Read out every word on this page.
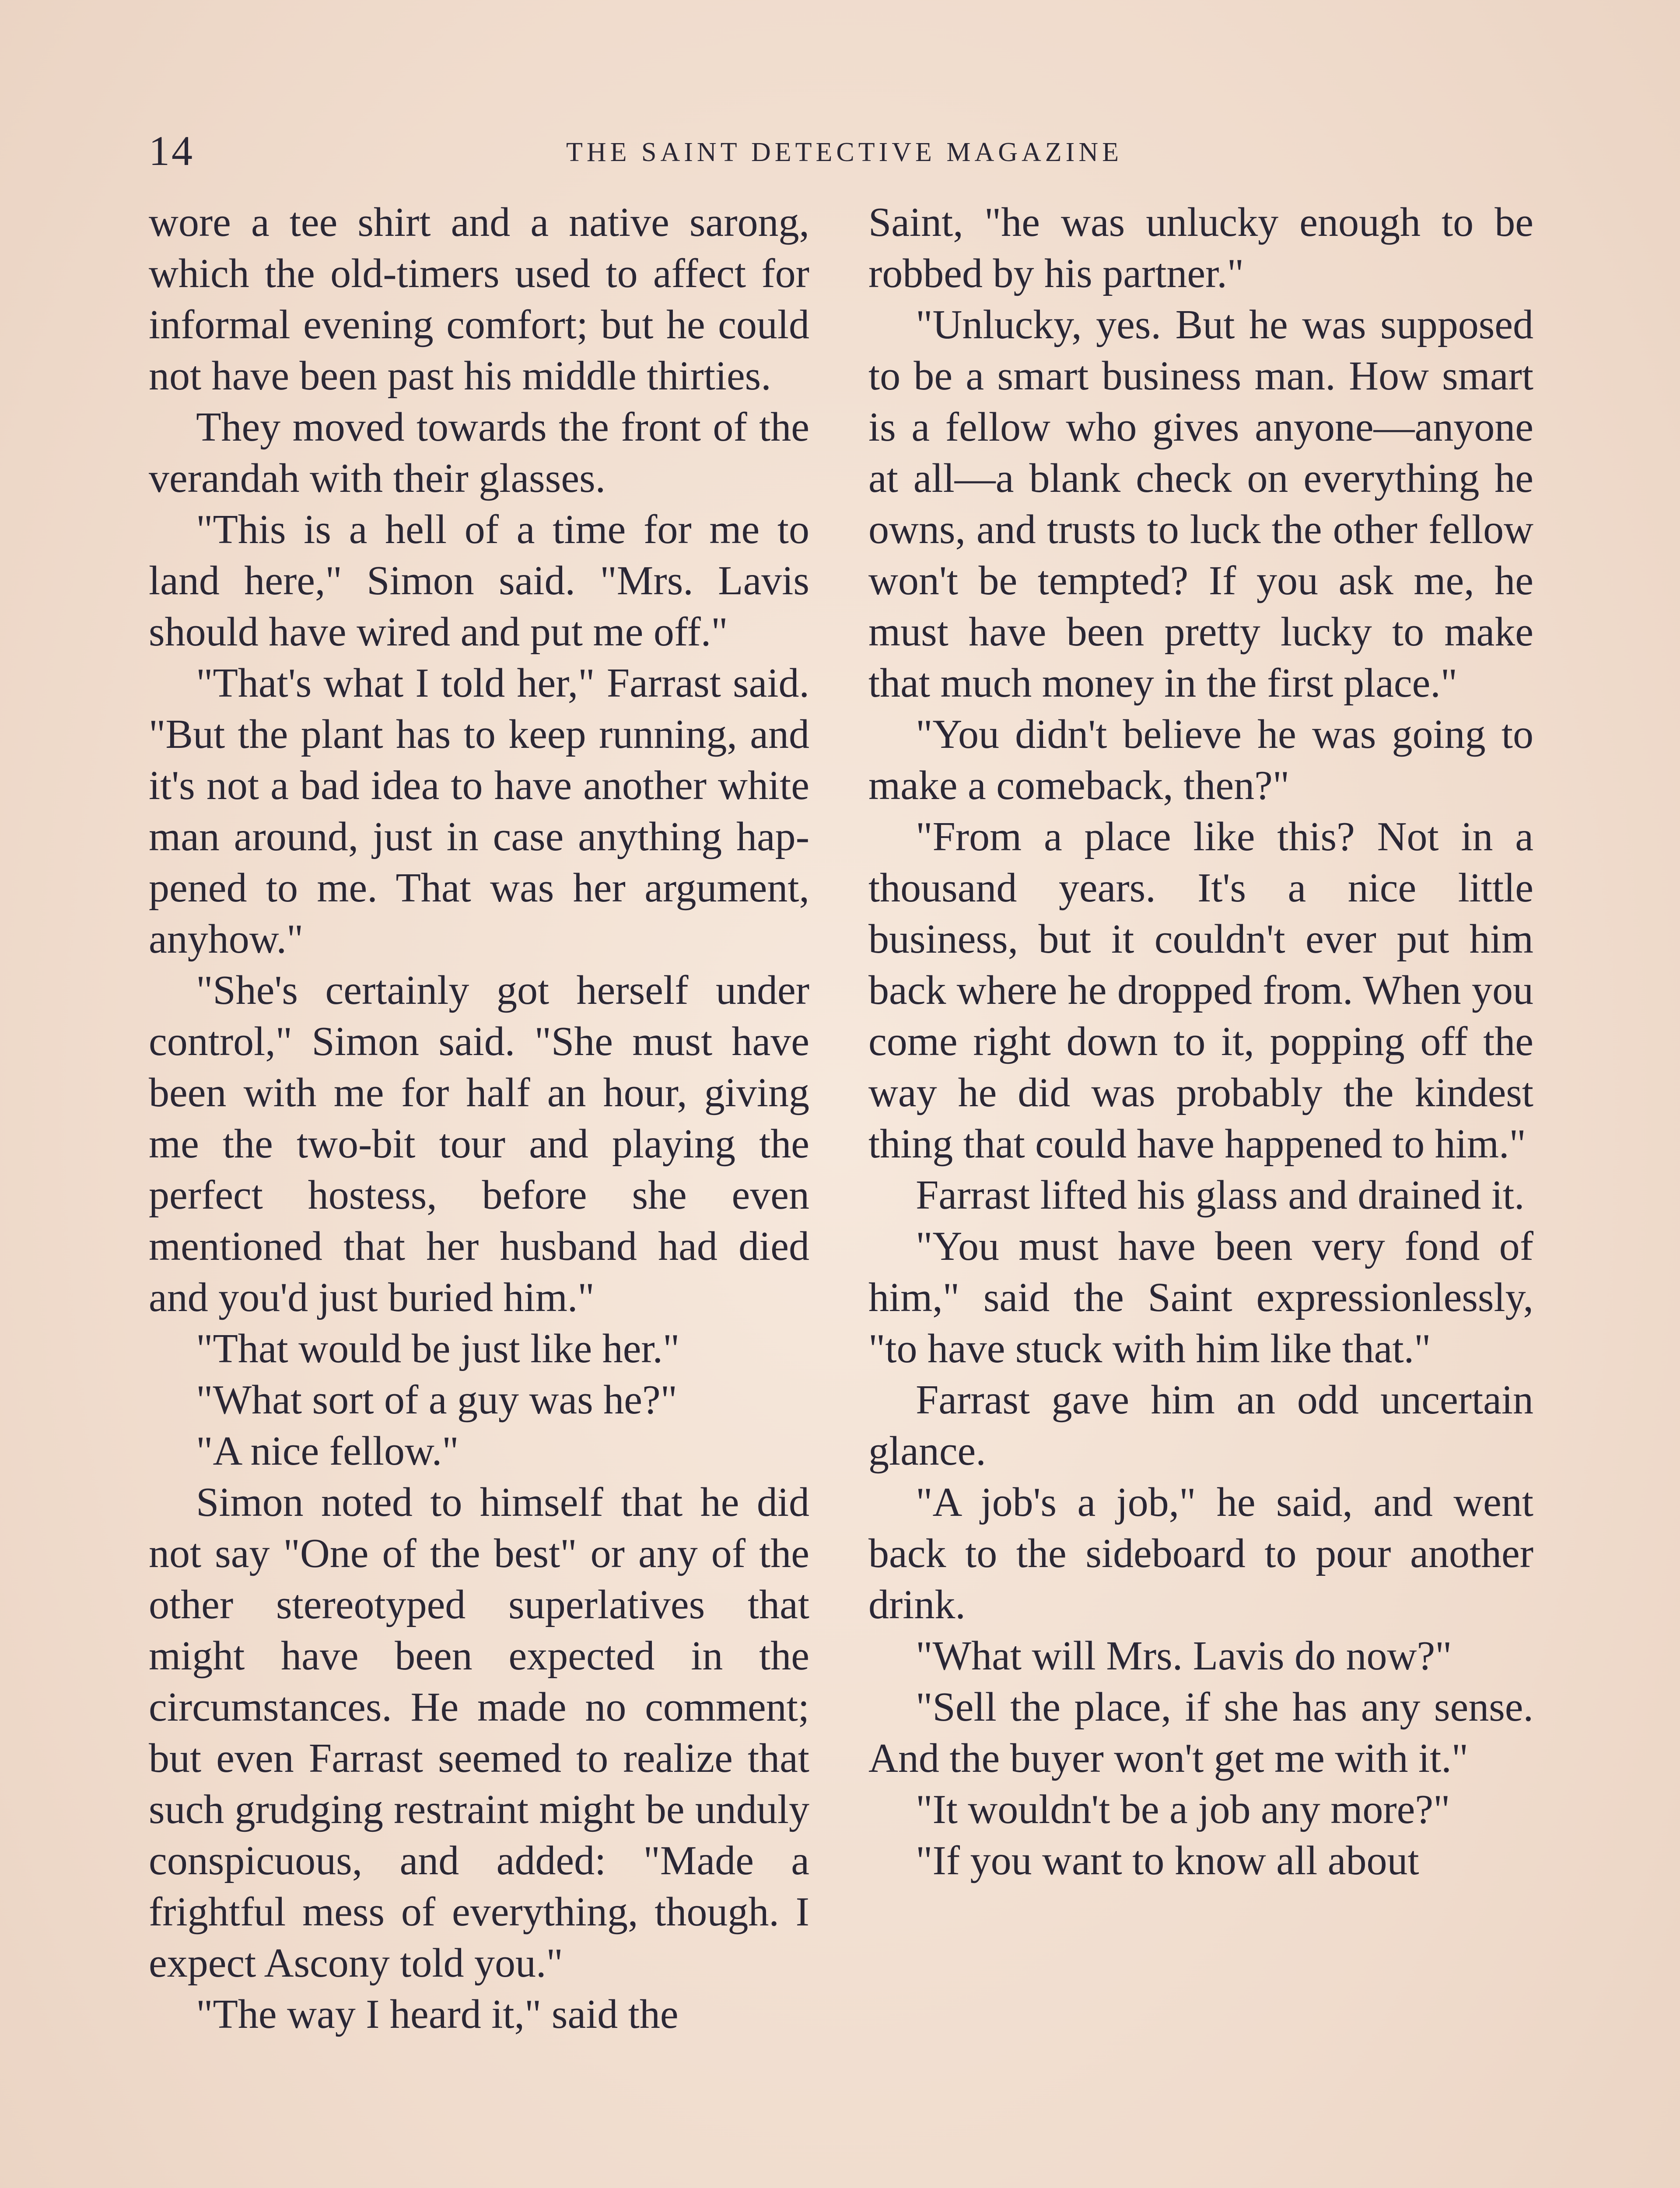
14	THE SAINT DETECTIVE MAGAZINE

wore a tee shirt and a native sarong, which the old-timers used to affect for informal evening comfort; but he could not have been past his middle thirties.

They moved towards the front of the verandah with their glasses.

"This is a hell of a time for me to land here," Simon said. "Mrs. Lavis should have wired and put me off."

"That's what I told her," Farrast said. "But the plant has to keep running, and it's not a bad idea to have another white man around, just in case anything happened to me. That was her argument, anyhow."

"She's certainly got herself under control," Simon said. "She must have been with me for half an hour, giving me the two-bit tour and playing the perfect hostess, before she even mentioned that her husband had died and you'd just buried him."

"That would be just like her."

"What sort of a guy was he?"

"A nice fellow."

Simon noted to himself that he did not say "One of the best" or any of the other stereotyped superlatives that might have been expected in the circumstances. He made no comment; but even Farrast seemed to realize that such grudging restraint might be unduly conspicuous, and added: "Made a frightful mess of everything, though. I expect Ascony told you."

"The way I heard it," said the

Saint, "he was unlucky enough to be robbed by his partner."

"Unlucky, yes. But he was supposed to be a smart business man. How smart is a fellow who gives anyone—anyone at all—a blank check on everything he owns, and trusts to luck the other fellow won't be tempted? If you ask me, he must have been pretty lucky to make that much money in the first place."

"You didn't believe he was going to make a comeback, then?"

"From a place like this? Not in a thousand years. It's a nice little business, but it couldn't ever put him back where he dropped from. When you come right down to it, popping off the way he did was probably the kindest thing that could have happened to him."

Farrast lifted his glass and drained it.

"You must have been very fond of him," said the Saint expressionlessly, "to have stuck with him like that."

Farrast gave him an odd uncertain glance.

"A job's a job," he said, and went back to the sideboard to pour another drink.

"What will Mrs. Lavis do now?"

"Sell the place, if she has any sense. And the buyer won't get me with it."

"It wouldn't be a job any more?"

"If you want to know all about
